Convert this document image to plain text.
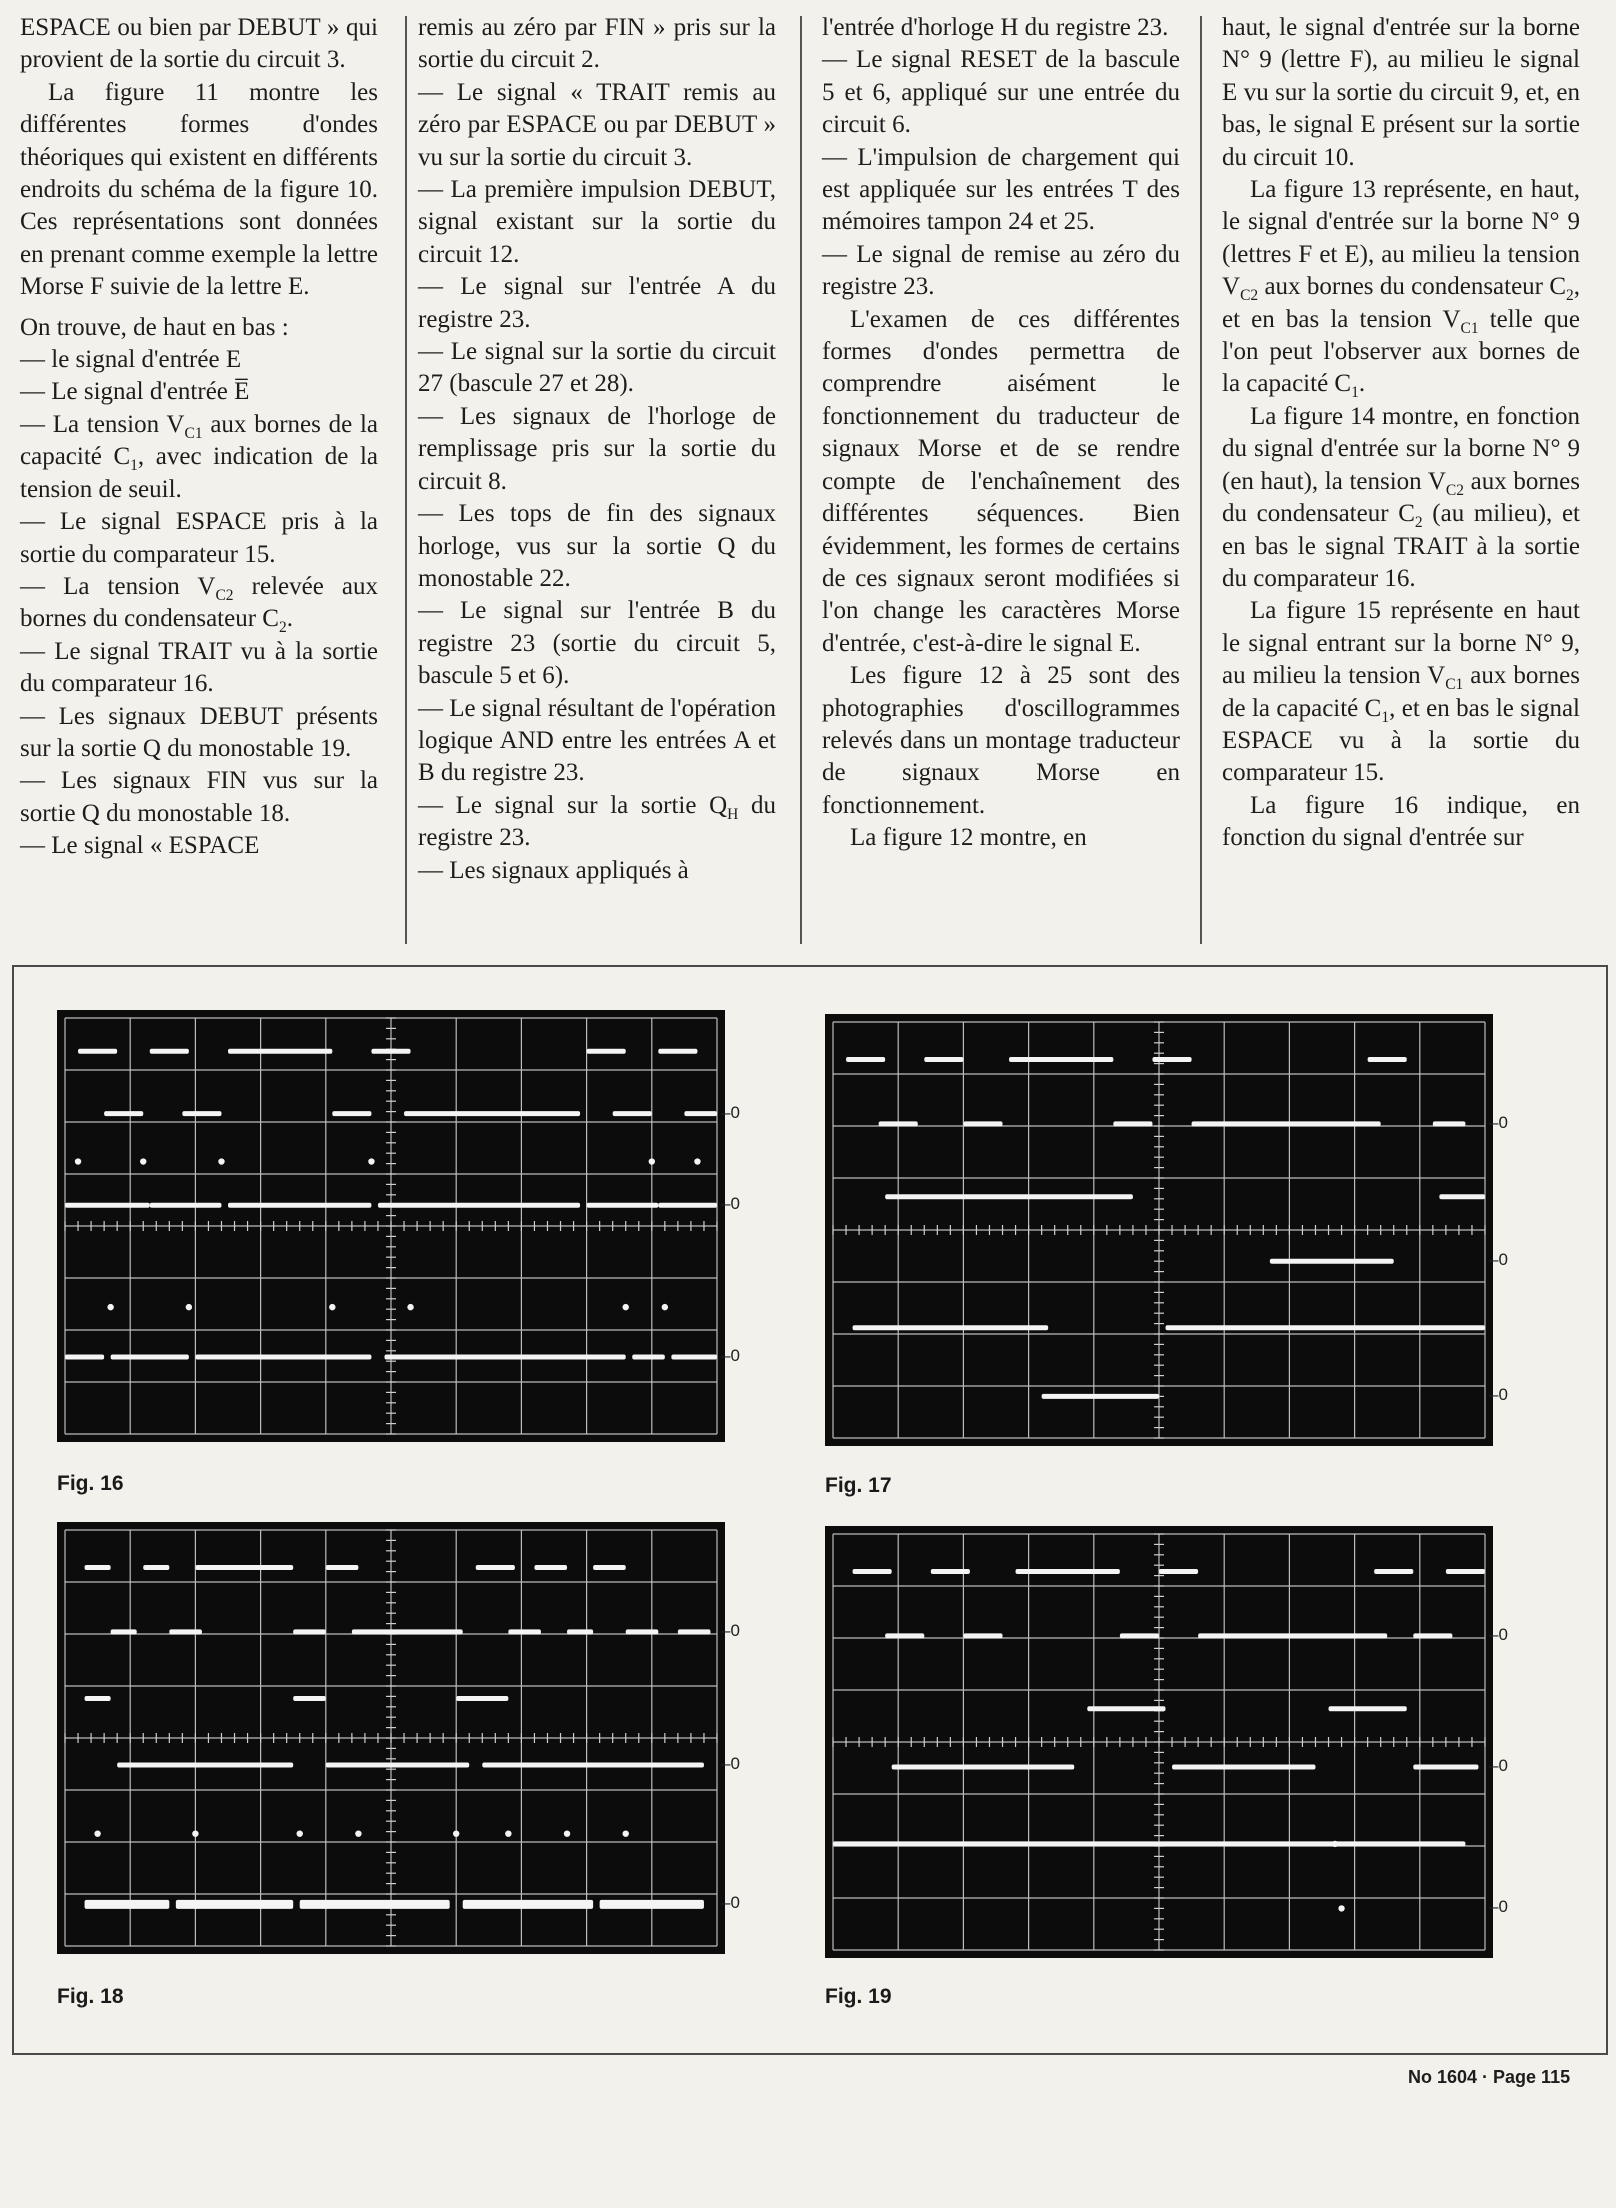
ESPACE ou bien par DEBUT » qui provient de la sortie du circuit 3.

La figure 11 montre les différentes formes d'ondes théoriques qui existent en différents endroits du schéma de la figure 10. Ces représentations sont données en prenant comme exemple la lettre Morse F suivie de la lettre E.

On trouve, de haut en bas :

— le signal d'entrée E

— Le signal d'entrée E̅

— La tension $V_{C1}$ aux bornes de la capacité $C_1$, avec indication de la tension de seuil.

— Le signal ESPACE pris à la sortie du comparateur 15.

— La tension $V_{C2}$ relevée aux bornes du condensateur $C_2$.

— Le signal TRAIT vu à la sortie du comparateur 16.

— Les signaux DEBUT présents sur la sortie Q du monostable 19.

— Les signaux FIN vus sur la sortie Q du monostable 18.

— Le signal « ESPACE

remis au zéro par FIN » pris sur la sortie du circuit 2.

— Le signal « TRAIT remis au zéro par ESPACE ou par DEBUT » vu sur la sortie du circuit 3.

— La première impulsion DEBUT, signal existant sur la sortie du circuit 12.

— Le signal sur l'entrée A du registre 23.

— Le signal sur la sortie du circuit 27 (bascule 27 et 28).

— Les signaux de l'horloge de remplissage pris sur la sortie du circuit 8.

— Les tops de fin des signaux horloge, vus sur la sortie Q du monostable 22.

— Le signal sur l'entrée B du registre 23 (sortie du circuit 5, bascule 5 et 6).

— Le signal résultant de l'opération logique AND entre les entrées A et B du registre 23.

— Le signal sur la sortie $Q_H$ du registre 23.

— Les signaux appliqués à

l'entrée d'horloge H du registre 23.

— Le signal RESET de la bascule 5 et 6, appliqué sur une entrée du circuit 6.

— L'impulsion de chargement qui est appliquée sur les entrées T des mémoires tampon 24 et 25.

— Le signal de remise au zéro du registre 23.

L'examen de ces différentes formes d'ondes permettra de comprendre aisément le fonctionnement du traducteur de signaux Morse et de se rendre compte de l'enchaînement des différentes séquences. Bien évidemment, les formes de certains de ces signaux seront modifiées si l'on change les caractères Morse d'entrée, c'est-à-dire le signal E.

Les figure 12 à 25 sont des photographies d'oscillogrammes relevés dans un montage traducteur de signaux Morse en fonctionnement.

La figure 12 montre, en

haut, le signal d'entrée sur la borne N° 9 (lettre F), au milieu le signal E vu sur la sortie du circuit 9, et, en bas, le signal E présent sur la sortie du circuit 10.

La figure 13 représente, en haut, le signal d'entrée sur la borne N° 9 (lettres F et E), au milieu la tension $V_{C2}$ aux bornes du condensateur $C_2$, et en bas la tension $V_{C1}$ telle que l'on peut l'observer aux bornes de la capacité $C_1$.

La figure 14 montre, en fonction du signal d'entrée sur la borne N° 9 (en haut), la tension $V_{C2}$ aux bornes du condensateur $C_2$ (au milieu), et en bas le signal TRAIT à la sortie du comparateur 16.

La figure 15 représente en haut le signal entrant sur la borne N° 9, au milieu la tension $V_{C1}$ aux bornes de la capacité $C_1$, et en bas le signal ESPACE vu à la sortie du comparateur 15.

La figure 16 indique, en fonction du signal d'entrée sur

–0
–0
–0
–0
–0
–0
–0
–0
–0
–0
–0
–0
Fig. 16	Fig. 17
Fig. 18	Fig. 19
No 1604 · Page 115
